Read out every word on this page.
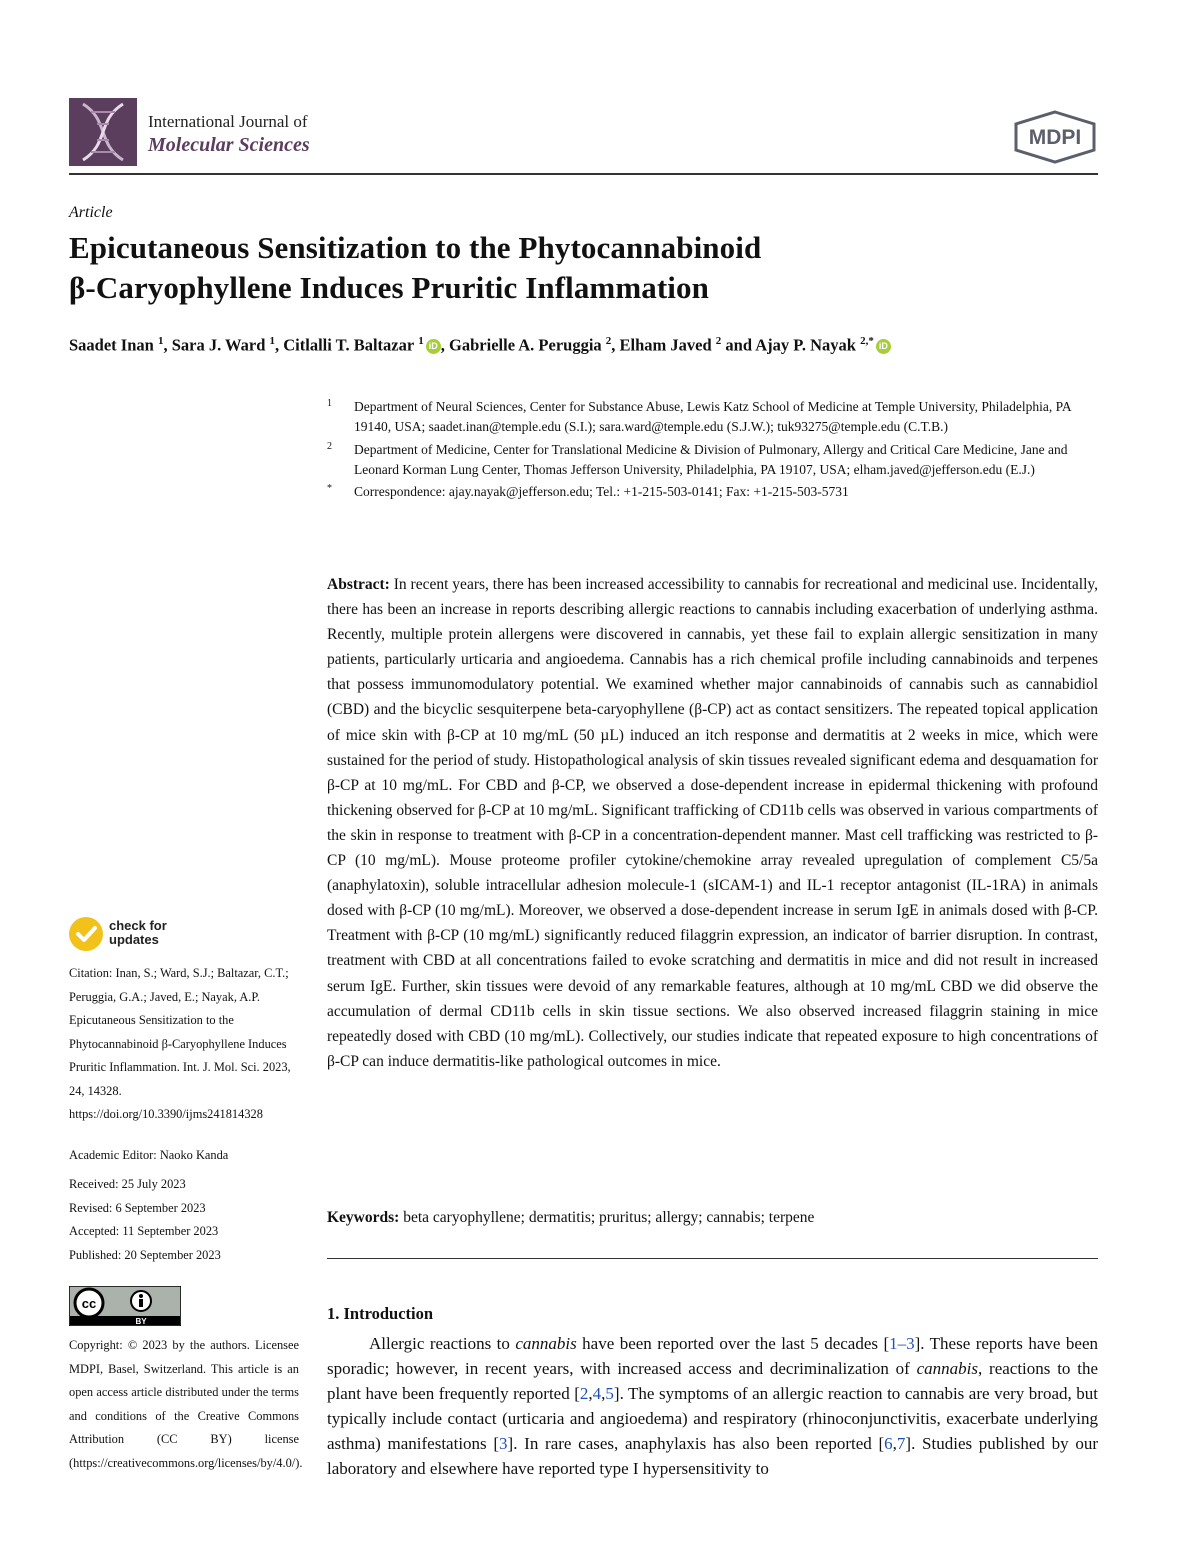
International Journal of
Molecular Sciences	MDPI
Article
Epicutaneous Sensitization to the Phytocannabinoid
β-Caryophyllene Induces Pruritic Inflammation
Saadet Inan $^1$, Sara J. Ward $^1$, Citlalli T. Baltazar $^1$ iD , Gabrielle A. Peruggia $^2$, Elham Javed $^2$ and Ajay P. Nayak $^{2,*}$ iD
1 Department of Neural Sciences, Center for Substance Abuse, Lewis Katz School of Medicine at Temple University, Philadelphia, PA 19140, USA; saadet.inan@temple.edu (S.I.); sara.ward@temple.edu (S.J.W.); tuk93275@temple.edu (C.T.B.)
2 Department of Medicine, Center for Translational Medicine & Division of Pulmonary, Allergy and Critical Care Medicine, Jane and Leonard Korman Lung Center, Thomas Jefferson University, Philadelphia, PA 19107, USA; elham.javed@jefferson.edu (E.J.)
* Correspondence: ajay.nayak@jefferson.edu; Tel.: +1-215-503-0141; Fax: +1-215-503-5731
Abstract: In recent years, there has been increased accessibility to cannabis for recreational and medicinal use. Incidentally, there has been an increase in reports describing allergic reactions to cannabis including exacerbation of underlying asthma. Recently, multiple protein allergens were discovered in cannabis, yet these fail to explain allergic sensitization in many patients, particularly urticaria and angioedema. Cannabis has a rich chemical profile including cannabinoids and terpenes that possess immunomodulatory potential. We examined whether major cannabinoids of cannabis such as cannabidiol (CBD) and the bicyclic sesquiterpene beta-caryophyllene (β-CP) act as contact sensitizers. The repeated topical application of mice skin with β-CP at 10 mg/mL (50 µL) induced an itch response and dermatitis at 2 weeks in mice, which were sustained for the period of study. Histopathological analysis of skin tissues revealed significant edema and desquamation for β-CP at 10 mg/mL. For CBD and β-CP, we observed a dose-dependent increase in epidermal thickening with profound thickening observed for β-CP at 10 mg/mL. Significant trafficking of CD11b cells was observed in various compartments of the skin in response to treatment with β-CP in a concentration-dependent manner. Mast cell trafficking was restricted to β-CP (10 mg/mL). Mouse proteome profiler cytokine/chemokine array revealed upregulation of complement C5/5a (anaphylatoxin), soluble intracellular adhesion molecule-1 (sICAM-1) and IL-1 receptor antagonist (IL-1RA) in animals dosed with β-CP (10 mg/mL). Moreover, we observed a dose-dependent increase in serum IgE in animals dosed with β-CP. Treatment with β-CP (10 mg/mL) significantly reduced filaggrin expression, an indicator of barrier disruption. In contrast, treatment with CBD at all concentrations failed to evoke scratching and dermatitis in mice and did not result in increased serum IgE. Further, skin tissues were devoid of any remarkable features, although at 10 mg/mL CBD we did observe the accumulation of dermal CD11b cells in skin tissue sections. We also observed increased filaggrin staining in mice repeatedly dosed with CBD (10 mg/mL). Collectively, our studies indicate that repeated exposure to high concentrations of β-CP can induce dermatitis-like pathological outcomes in mice.
Keywords: beta caryophyllene; dermatitis; pruritus; allergy; cannabis; terpene
1. Introduction

Allergic reactions to cannabis have been reported over the last 5 decades [1–3]. These reports have been sporadic; however, in recent years, with increased access and decriminalization of cannabis, reactions to the plant have been frequently reported [2,4,5]. The symptoms of an allergic reaction to cannabis are very broad, but typically include contact (urticaria and angioedema) and respiratory (rhinoconjunctivitis, exacerbate underlying asthma) manifestations [3]. In rare cases, anaphylaxis has also been reported [6,7]. Studies published by our laboratory and elsewhere have reported type I hypersensitivity to

check for
updates

Citation: Inan, S.; Ward, S.J.; Baltazar, C.T.; Peruggia, G.A.; Javed, E.; Nayak, A.P. Epicutaneous Sensitization to the Phytocannabinoid β-Caryophyllene Induces Pruritic Inflammation. Int. J. Mol. Sci. 2023, 24, 14328. https://doi.org/10.3390/ijms241814328

Academic Editor: Naoko Kanda

Received: 25 July 2023
Revised: 6 September 2023
Accepted: 11 September 2023
Published: 20 September 2023
cc
BY
Copyright: © 2023 by the authors. Licensee MDPI, Basel, Switzerland. This article is an open access article distributed under the terms and conditions of the Creative Commons Attribution (CC BY) license (https://creativecommons.org/licenses/by/4.0/).
